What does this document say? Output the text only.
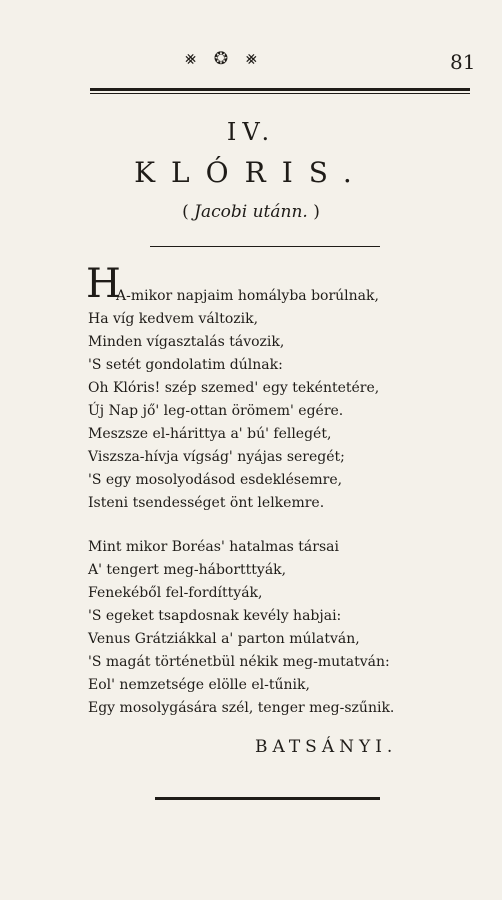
⨳ ❂ ⨳	81
IV.
KLÓRIS.
( Jacobi utánn. )
H
A-mikor napjaim homályba borúlnak,
Ha víg kedvem változik,
Minden vígasztalás távozik,
'S setét gondolatim dúlnak:
Oh Klóris! szép szemed' egy tekéntetére,
Új Nap jő' leg-ottan örömem' egére.
Meszsze el-hárittya a' bú' fellegét,
Viszsza-hívja vígság' nyájas seregét;
'S egy mosolyodásod esdeklésemre,
Isteni tsendességet önt lelkemre.
Mint mikor Boréas' hatalmas társai
A' tengert meg-hábortttyák,
Fenekéből fel-fordíttyák,
'S egeket tsapdosnak kevély habjai:
Venus Grátziákkal a' parton múlatván,
'S magát történetbül nékik meg-mutatván:
Eol' nemzetsége elölle el-tűnik,
Egy mosolygására szél, tenger meg-szűnik.
BATSÁNYI.
